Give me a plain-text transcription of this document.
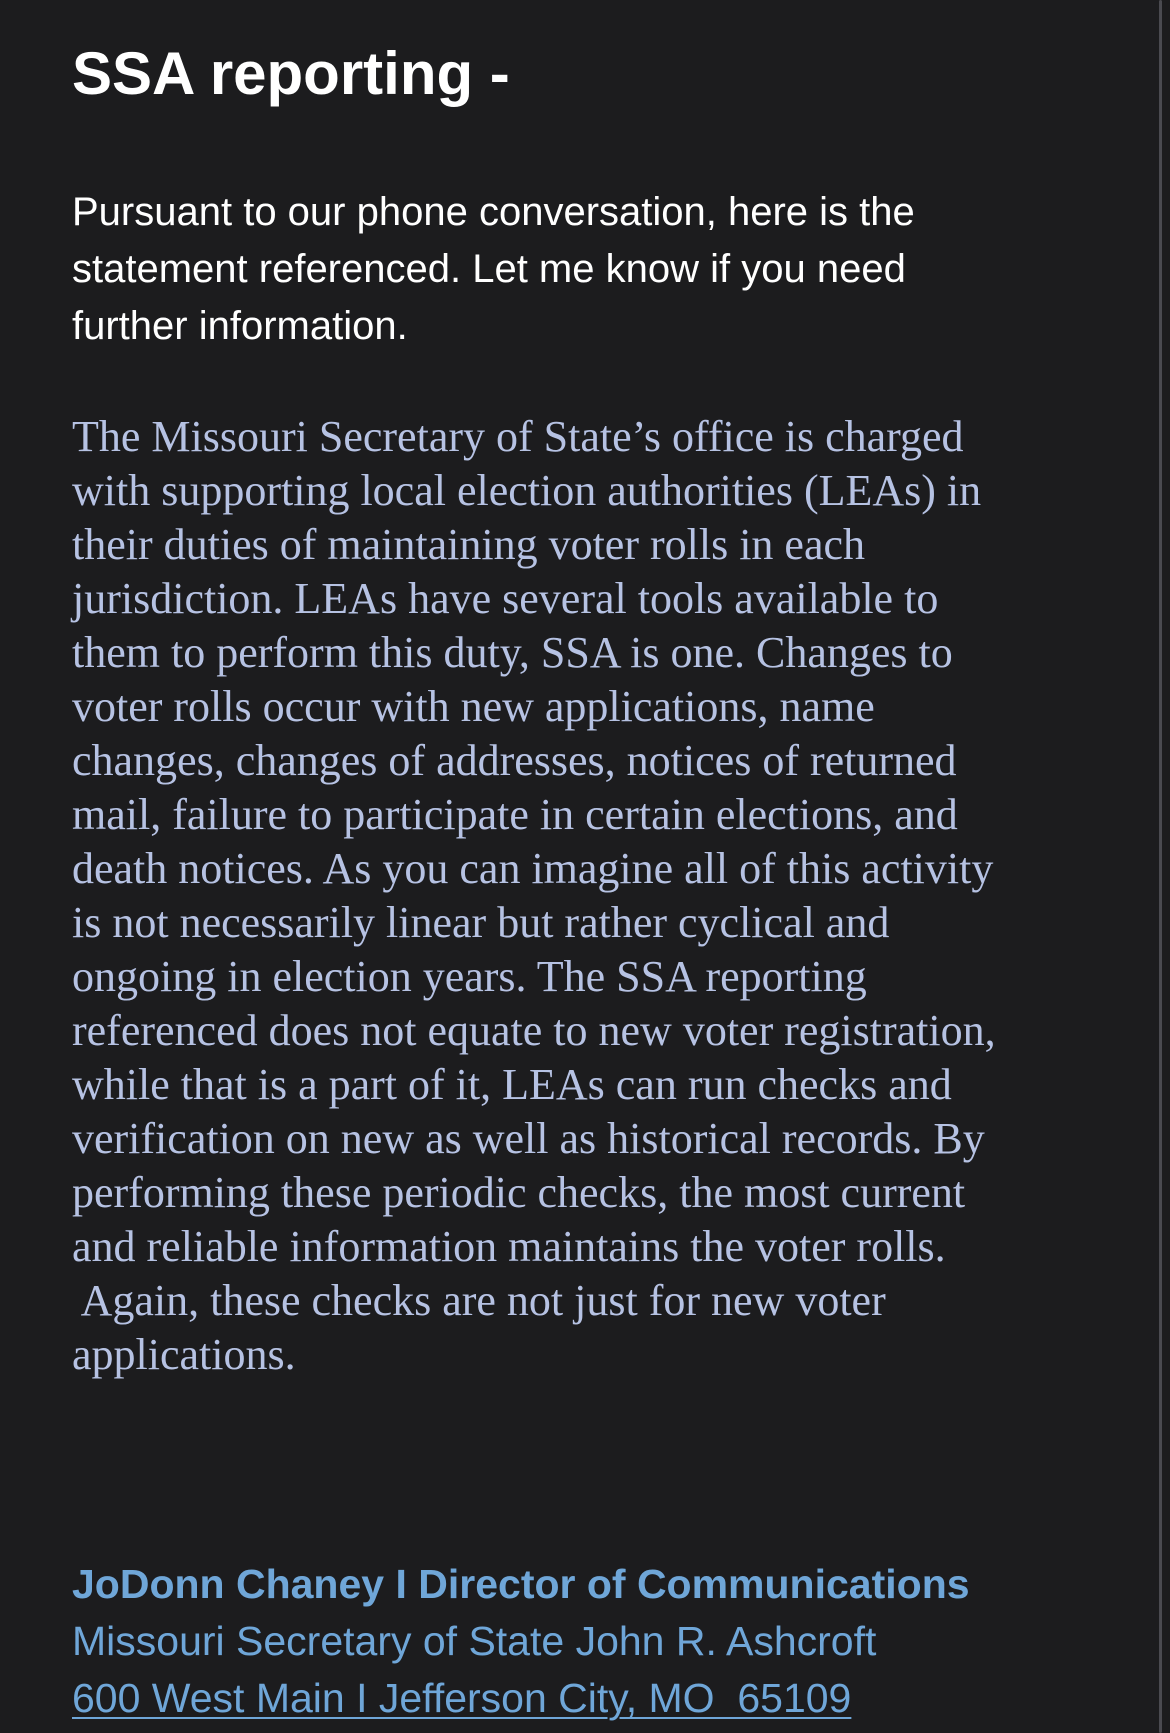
SSA reporting -

Pursuant to our phone conversation, here is the
statement referenced. Let me know if you need
further information.

The Missouri Secretary of State’s office is charged
with supporting local election authorities (LEAs) in
their duties of maintaining voter rolls in each
jurisdiction. LEAs have several tools available to
them to perform this duty, SSA is one. Changes to
voter rolls occur with new applications, name
changes, changes of addresses, notices of returned
mail, failure to participate in certain elections, and
death notices. As you can imagine all of this activity
is not necessarily linear but rather cyclical and
ongoing in election years. The SSA reporting
referenced does not equate to new voter registration,
while that is a part of it, LEAs can run checks and
verification on new as well as historical records. By
performing these periodic checks, the most current
and reliable information maintains the voter rolls.
Again, these checks are not just for new voter
applications.

JoDonn Chaney I Director of Communications
Missouri Secretary of State John R. Ashcroft
600 West Main I Jefferson City, MO  65109
